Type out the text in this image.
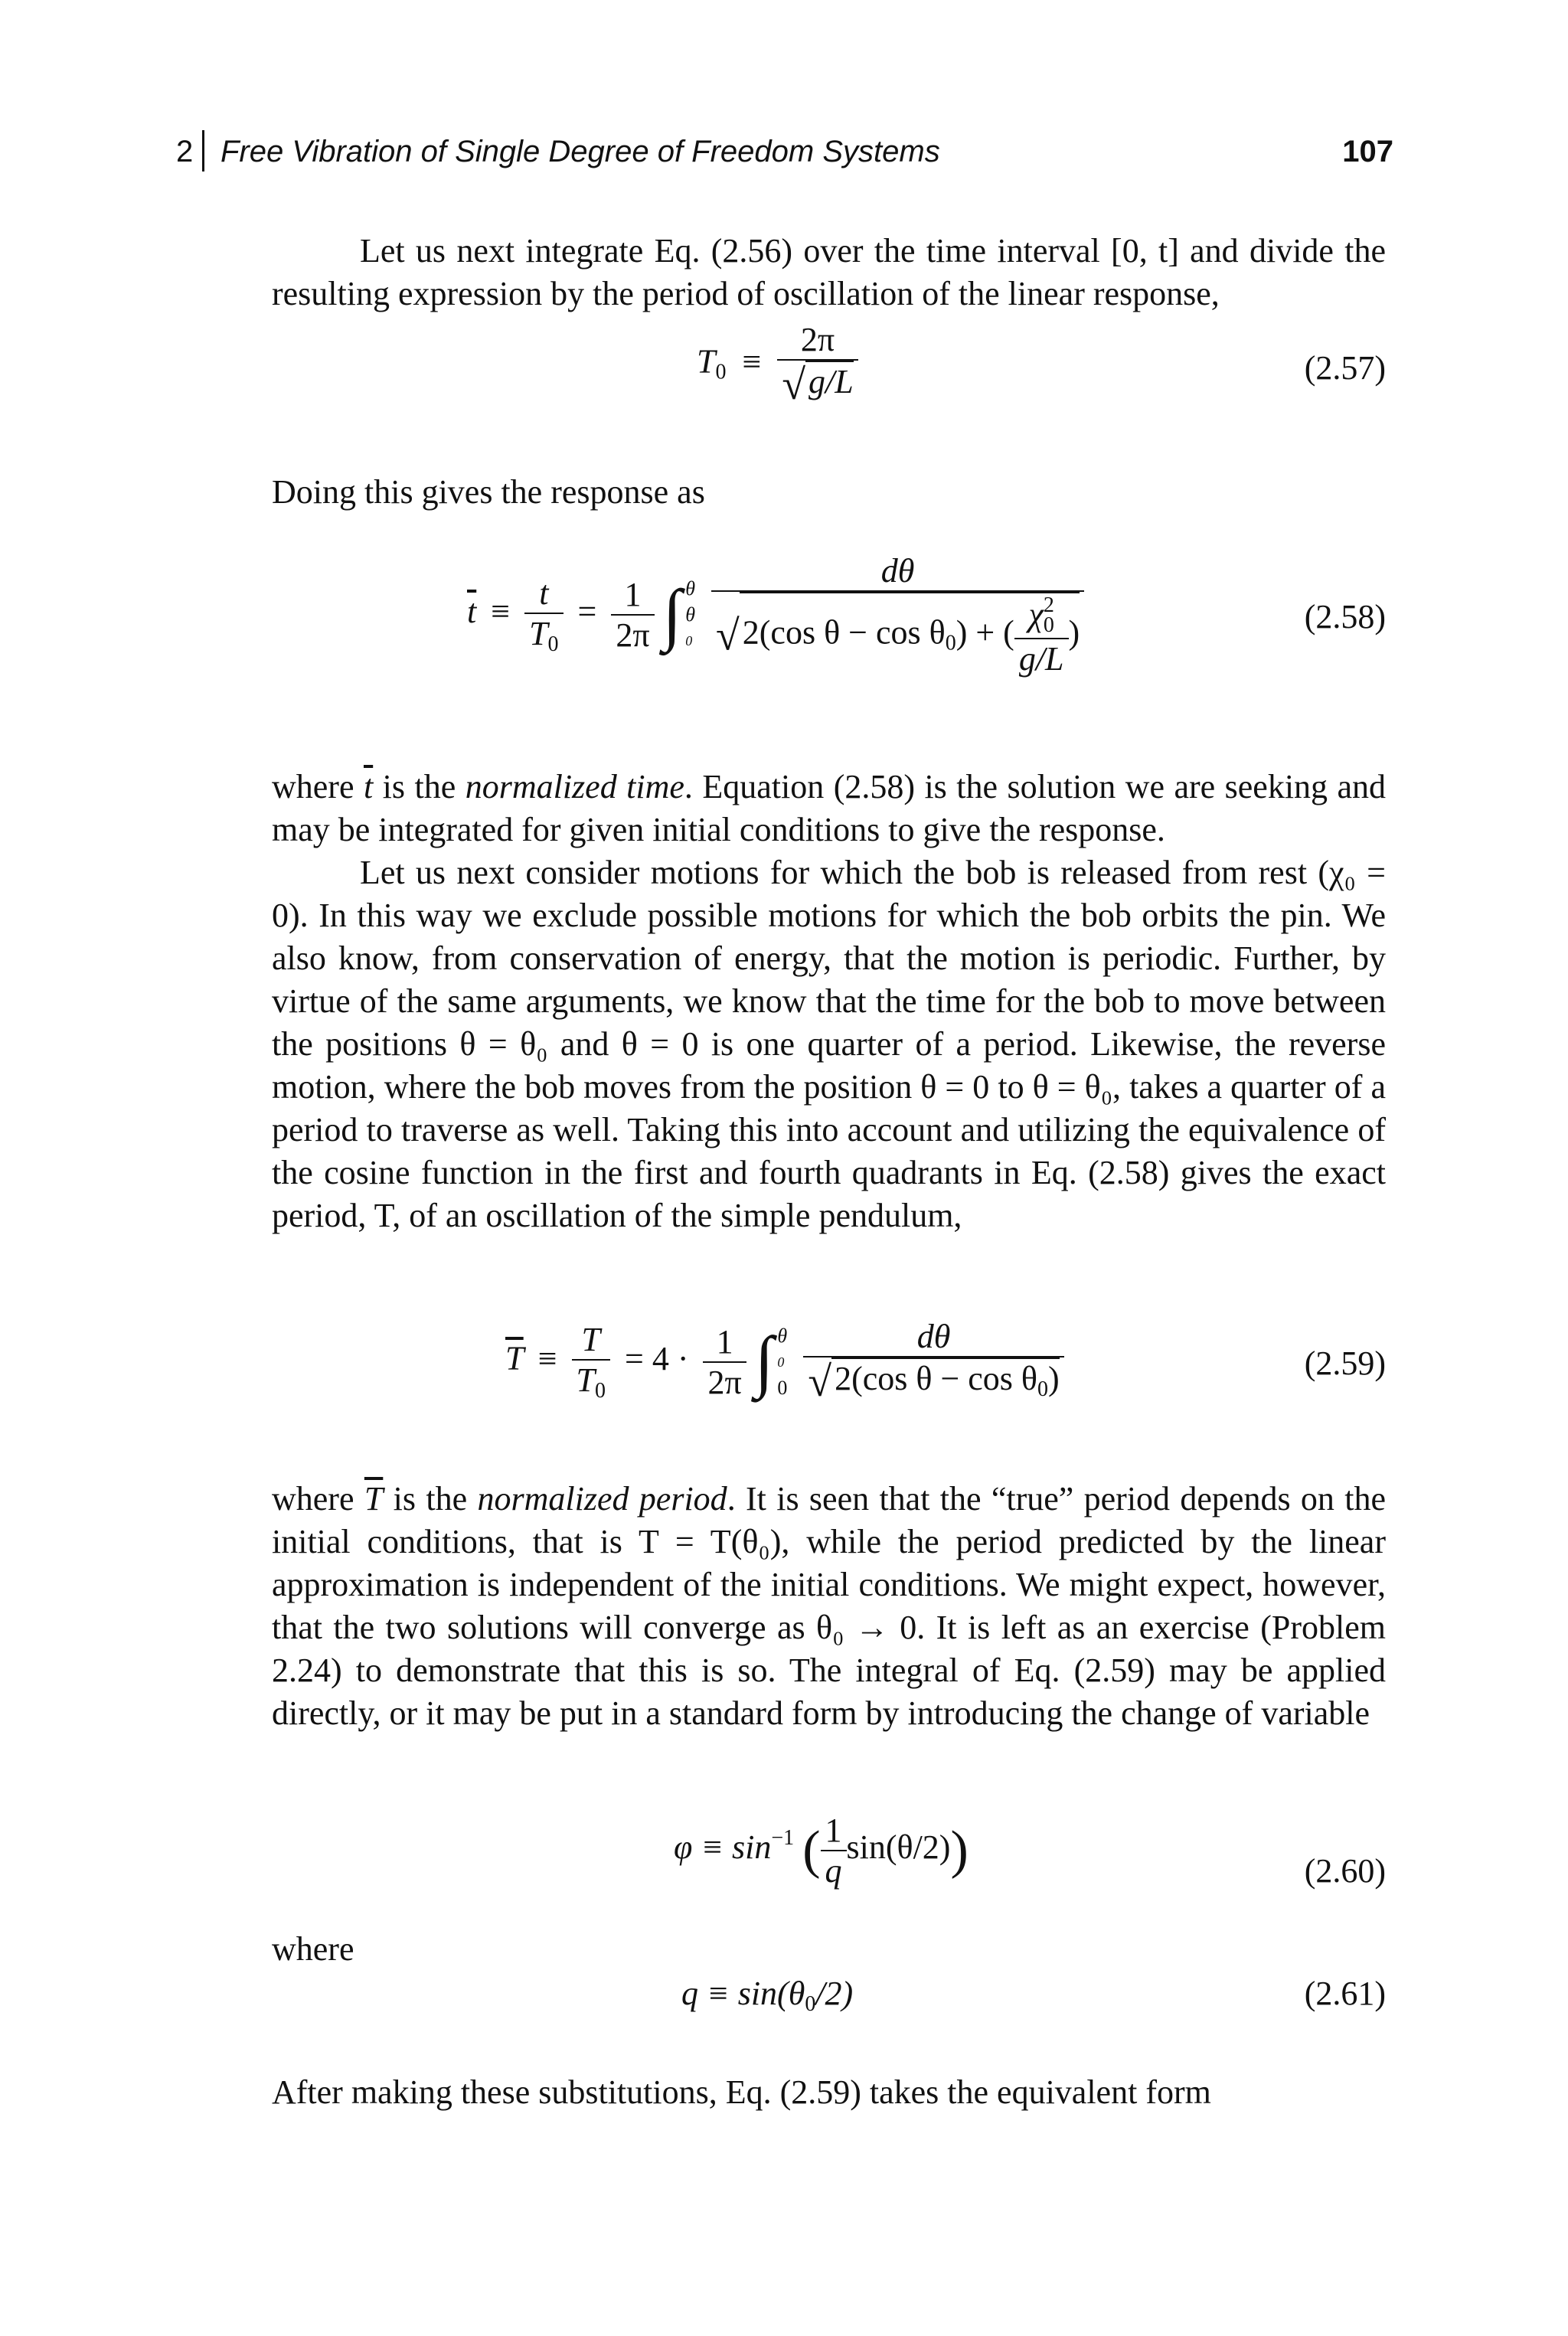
2 Free Vibration of Single Degree of Freedom Systems	107

Let us next integrate Eq. (2.56) over the time interval [0, t] and divide the resulting expression by the period of oscillation of the linear response,

$T_0 \equiv \frac{2\pi}{√g/L}$	(2.57)

Doing this gives the response as

$\overline{t} \equiv \frac{t}{T_0} = \frac{1}{2\pi}$ ∫ θ
θ
0
$\frac{d\theta}{√2(\cos \theta - \cos \theta_0) + ( \frac{\chi^2_0}{g/L} )}$	(2.58)

where $\overline{t}$ is the normalized time. Equation (2.58) is the solution we are seeking and may be integrated for given initial conditions to give the response.

Let us next consider motions for which the bob is released from rest (χ₀ = 0). In this way we exclude possible motions for which the bob orbits the pin. We also know, from conservation of energy, that the motion is periodic. Further, by virtue of the same arguments, we know that the time for the bob to move between the positions θ = θ₀ and θ = 0 is one quarter of a period. Likewise, the reverse motion, where the bob moves from the position θ = 0 to θ = θ₀, takes a quarter of a period to traverse as well. Taking this into account and utilizing the equivalence of the cosine function in the first and fourth quadrants in Eq. (2.58) gives the exact period, T, of an oscillation of the simple pendulum,

$\overline{T} \equiv \frac{T}{T_0} = 4 \cdot \frac{1}{2\pi}$ ∫ θ
0
0
$\frac{d\theta}{√2(\cos \theta - \cos \theta_0)}$	(2.59)

where $\overline{T}$ is the normalized period. It is seen that the “true” period depends on the initial conditions, that is T = T(θ₀), while the period predicted by the linear approximation is independent of the initial conditions. We might expect, however, that the two solutions will converge as θ₀ → 0. It is left as an exercise (Problem 2.24) to demonstrate that this is so. The integral of Eq. (2.59) may be applied directly, or it may be put in a standard form by introducing the change of variable

$\varphi \equiv \sin^{-1}$ ( $\frac{1}{q} \sin(\theta/2)$)	(2.60)

where

$q \equiv \sin(\theta_0/2)$	(2.61)

After making these substitutions, Eq. (2.59) takes the equivalent form
